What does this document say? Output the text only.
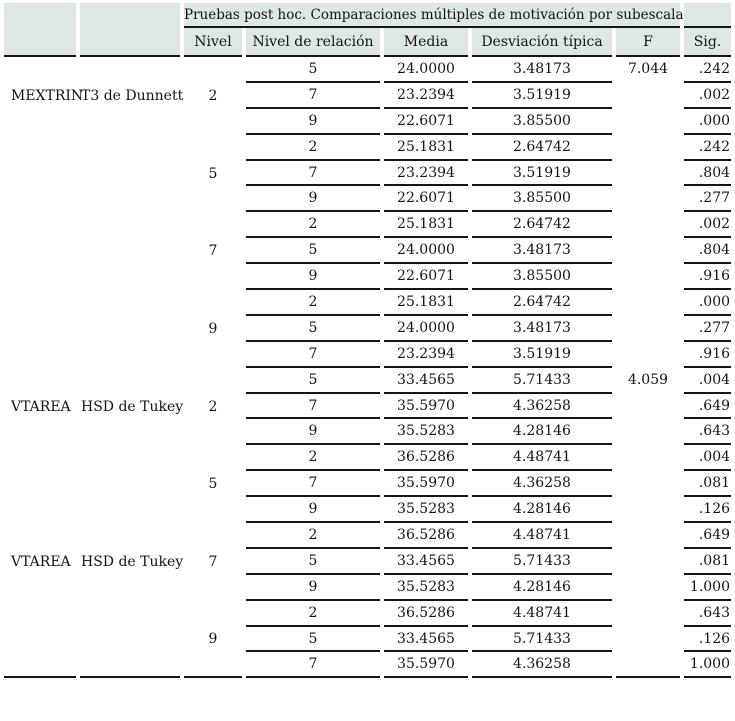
		Pruebas post hoc. Comparaciones múltiples de motivación por subescala					
		Nivel	Nivel de relación	Media	Desviación típica	F	Sig.
MEXTRIN	T3 de Dunnett	2	5	24.0000	3.48173	7.044	.242
			7	23.2394	3.51919		.002
			9	22.6071	3.85500		.000
		5	2	25.1831	2.64742		.242
			7	23.2394	3.51919		.804
			9	22.6071	3.85500		.277
		7	2	25.1831	2.64742		.002
			5	24.0000	3.48173		.804
			9	22.6071	3.85500		.916
		9	2	25.1831	2.64742		.000
			5	24.0000	3.48173		.277
			7	23.2394	3.51919		.916
VTAREA	HSD de Tukey	2	5	33.4565	5.71433	4.059	.004
			7	35.5970	4.36258		.649
			9	35.5283	4.28146		.643
		5	2	36.5286	4.48741		.004
			7	35.5970	4.36258		.081
			9	35.5283	4.28146		.126
VTAREA	HSD de Tukey	7	2	36.5286	4.48741		.649
			5	33.4565	5.71433		.081
			9	35.5283	4.28146		1.000
		9	2	36.5286	4.48741		.643
			5	33.4565	5.71433		.126
			7	35.5970	4.36258		1.000
